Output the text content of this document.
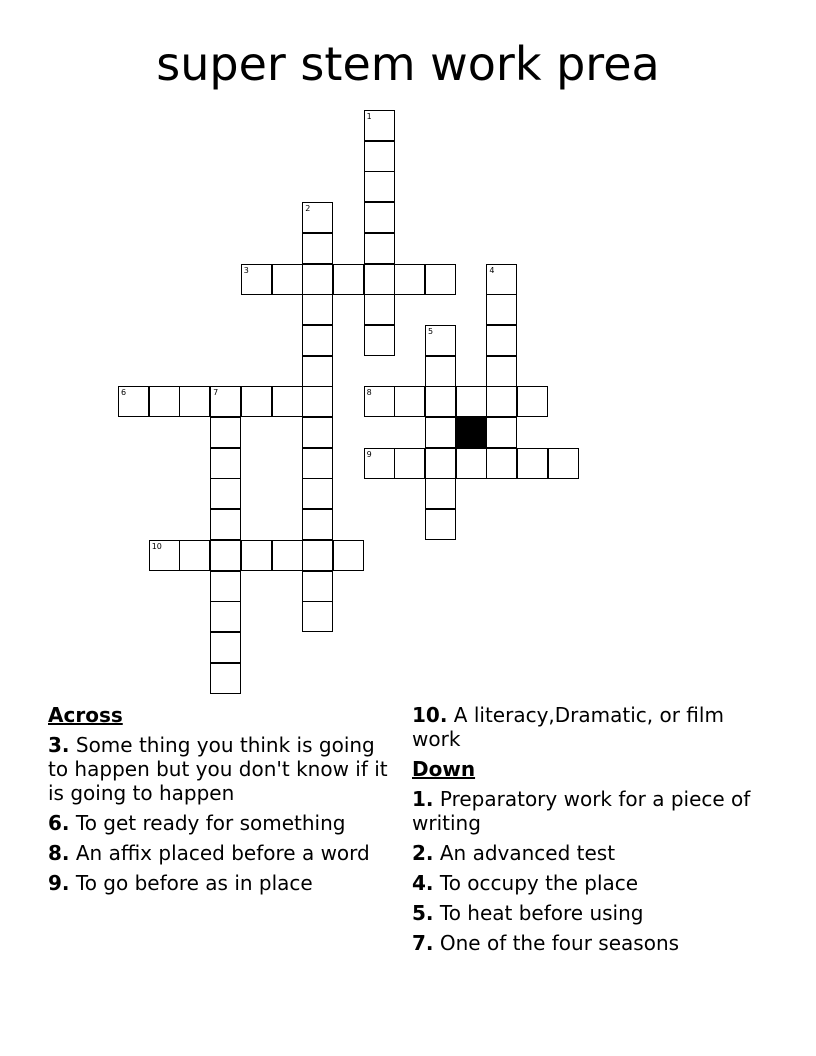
super stem work prea
1
2
3	4
5
6	7	8
9
10
Across
3. Some thing you think is going to happen but you don't know if it is going to happen
6. To get ready for something
8. An affix placed before a word
9. To go before as in place
10. A literacy,Dramatic, or film work
Down
1. Preparatory work for a piece of writing
2. An advanced test
4. To occupy the place
5. To heat before using
7. One of the four seasons
